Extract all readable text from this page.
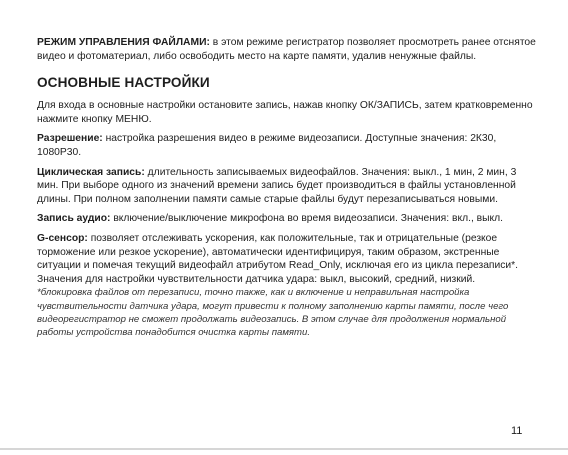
РЕЖИМ УПРАВЛЕНИЯ ФАЙЛАМИ: в этом режиме регистратор позволяет просмотреть ранее отснятое видео и фотоматериал, либо освободить место на карте памяти, удалив ненужные файлы.

ОСНОВНЫЕ НАСТРОЙКИ

Для входа в основные настройки остановите запись, нажав кнопку ОК/ЗАПИСЬ, затем кратковременно нажмите кнопку МЕНЮ.

Разрешение: настройка разрешения видео в режиме видеозаписи. Доступные значения: 2К30, 1080Р30.

Циклическая запись: длительность записываемых видеофайлов. Значения: выкл., 1 мин, 2 мин, 3 мин. При выборе одного из значений времени запись будет производиться в файлы установленной длины. При полном заполнении памяти самые старые файлы будут перезаписываться новыми.

Запись аудио: включение/выключение микрофона во время видеозаписи. Значения: вкл., выкл.

G-сенсор: позволяет отслеживать ускорения, как положительные, так и отрицательные (резкое торможение или резкое ускорение), автоматически идентифицируя, таким образом, экстренные ситуации и помечая текущий видеофайл атрибутом Read_Only, исключая его из цикла перезаписи*. Значения для настройки чувствительности датчика удара: выкл, высокий, средний, низкий.

*блокировка файлов от перезаписи, точно также, как и включение и неправильная настройка чувствительности датчика удара, могут привести к полному заполнению карты памяти, после чего видеорегистратор не сможет продолжать видеозапись. В этом случае для продолжения нормальной работы устройства понадобится очистка карты памяти.

11
